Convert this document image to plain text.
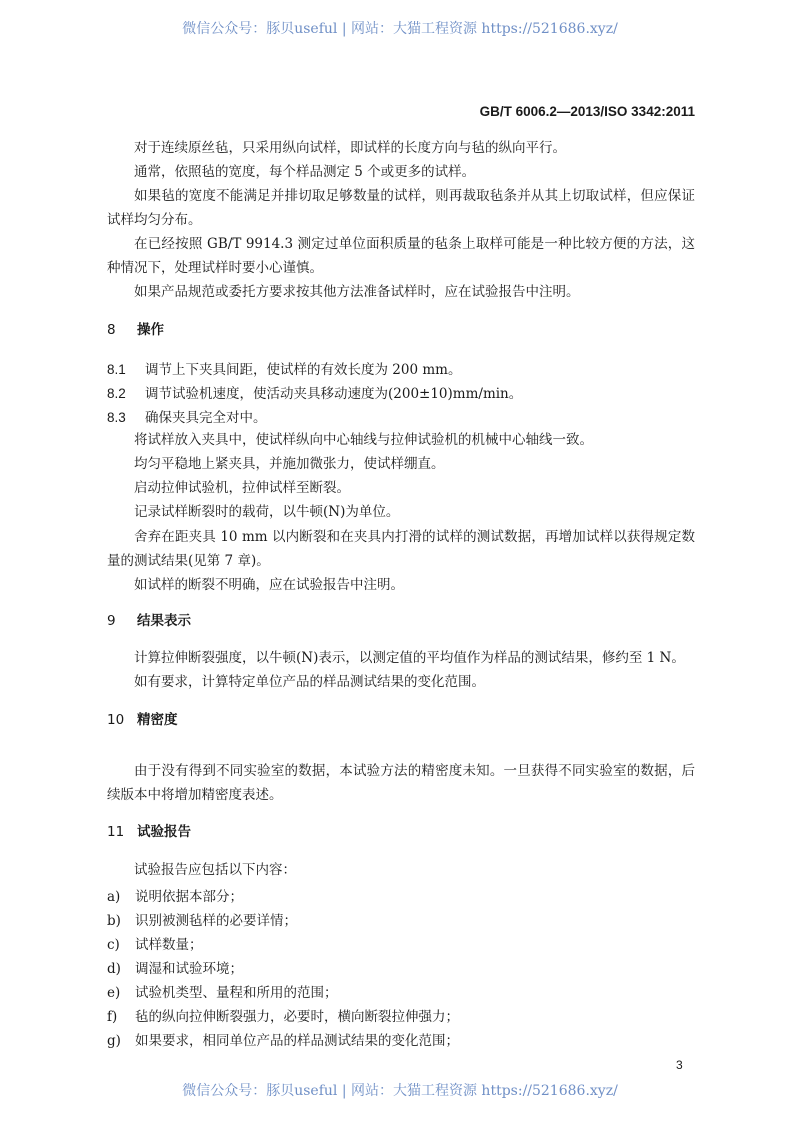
微信公众号：豚贝useful | 网站：大猫工程资源 https://521686.xyz/
GB/T 6006.2—2013/ISO 3342:2011
对于连续原丝毡，只采用纵向试样，即试样的长度方向与毡的纵向平行。
通常，依照毡的宽度，每个样品测定 5 个或更多的试样。
如果毡的宽度不能满足并排切取足够数量的试样，则再裁取毡条并从其上切取试样，但应保证试样均匀分布。
在已经按照 GB/T 9914.3 测定过单位面积质量的毡条上取样可能是一种比较方便的方法，这种情况下，处理试样时要小心谨慎。
如果产品规范或委托方要求按其他方法准备试样时，应在试验报告中注明。
8 操作
8.1 调节上下夹具间距，使试样的有效长度为 200 mm。
8.2 调节试验机速度，使活动夹具移动速度为(200±10)mm/min。
8.3 确保夹具完全对中。
将试样放入夹具中，使试样纵向中心轴线与拉伸试验机的机械中心轴线一致。
均匀平稳地上紧夹具，并施加微张力，使试样绷直。
启动拉伸试验机，拉伸试样至断裂。
记录试样断裂时的载荷，以牛顿(N)为单位。
舍弃在距夹具 10 mm 以内断裂和在夹具内打滑的试样的测试数据，再增加试样以获得规定数量的测试结果(见第 7 章)。
如试样的断裂不明确，应在试验报告中注明。
9 结果表示
计算拉伸断裂强度，以牛顿(N)表示，以测定值的平均值作为样品的测试结果，修约至 1 N。
如有要求，计算特定单位产品的样品测试结果的变化范围。
10 精密度
由于没有得到不同实验室的数据，本试验方法的精密度未知。一旦获得不同实验室的数据，后续版本中将增加精密度表述。
11 试验报告
试验报告应包括以下内容：
a) 说明依据本部分；
b) 识别被测毡样的必要详情；
c) 试样数量；
d) 调湿和试验环境；
e) 试验机类型、量程和所用的范围；
f) 毡的纵向拉伸断裂强力，必要时，横向断裂拉伸强力；
g) 如果要求，相同单位产品的样品测试结果的变化范围；
3
微信公众号：豚贝useful | 网站：大猫工程资源 https://521686.xyz/
